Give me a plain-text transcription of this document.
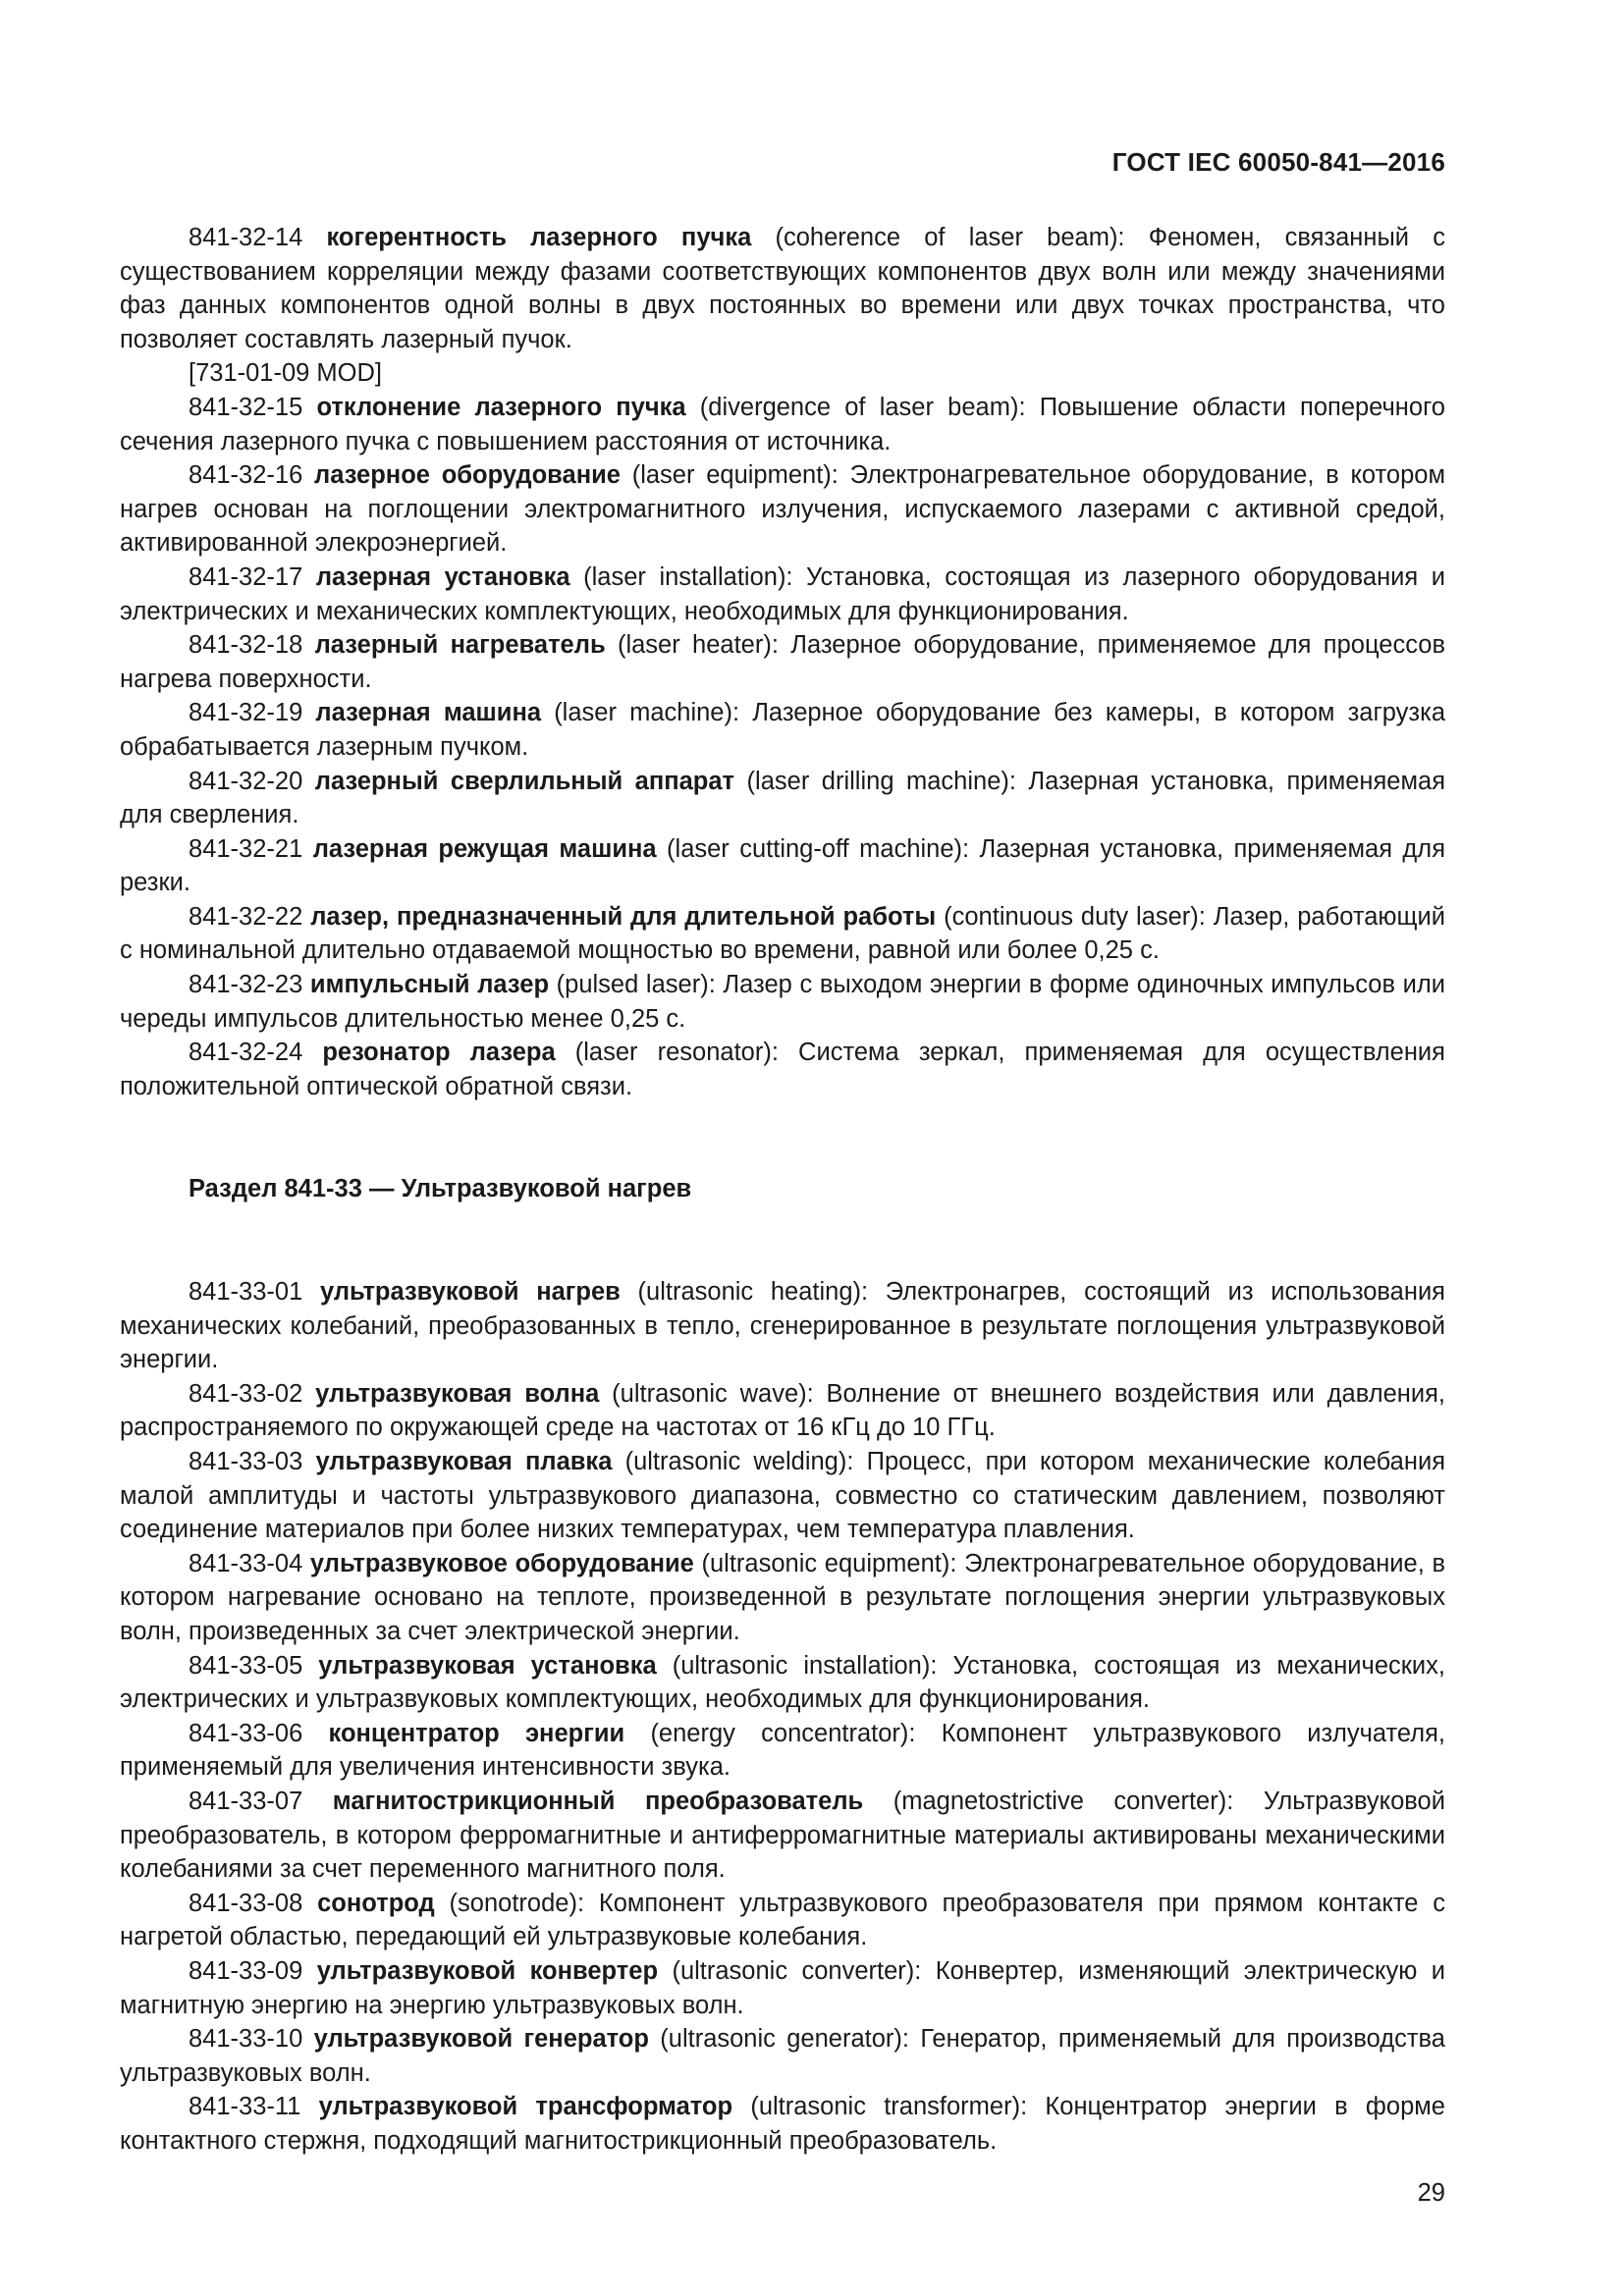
ГОСТ IEC 60050-841—2016

841-32-14 когерентность лазерного пучка (coherence of laser beam): Феномен, связанный с существованием корреляции между фазами соответствующих компонентов двух волн или между значениями фаз данных компонентов одной волны в двух постоянных во времени или двух точках пространства, что позволяет составлять лазерный пучок.

[731-01-09 MOD]

841-32-15 отклонение лазерного пучка (divergence of laser beam): Повышение области поперечного сечения лазерного пучка с повышением расстояния от источника.

841-32-16 лазерное оборудование (laser equipment): Электронагревательное оборудование, в котором нагрев основан на поглощении электромагнитного излучения, испускаемого лазерами с активной средой, активированной элекроэнергией.

841-32-17 лазерная установка (laser installation): Установка, состоящая из лазерного оборудования и электрических и механических комплектующих, необходимых для функционирования.

841-32-18 лазерный нагреватель (laser heater): Лазерное оборудование, применяемое для процессов нагрева поверхности.

841-32-19 лазерная машина (laser machine): Лазерное оборудование без камеры, в котором загрузка обрабатывается лазерным пучком.

841-32-20 лазерный сверлильный аппарат (laser drilling machine): Лазерная установка, применяемая для сверления.

841-32-21 лазерная режущая машина (laser cutting-off machine): Лазерная установка, применяемая для резки.

841-32-22 лазер, предназначенный для длительной работы (continuous duty laser): Лазер, работающий с номинальной длительно отдаваемой мощностью во времени, равной или более 0,25 с.

841-32-23 импульсный лазер (pulsed laser): Лазер с выходом энергии в форме одиночных импульсов или череды импульсов длительностью менее 0,25 с.

841-32-24 резонатор лазера (laser resonator): Система зеркал, применяемая для осуществления положительной оптической обратной связи.

Раздел 841-33 — Ультразвуковой нагрев

841-33-01 ультразвуковой нагрев (ultrasonic heating): Электронагрев, состоящий из использования механических колебаний, преобразованных в тепло, сгенерированное в результате поглощения ультразвуковой энергии.

841-33-02 ультразвуковая волна (ultrasonic wave): Волнение от внешнего воздействия или давления, распространяемого по окружающей среде на частотах от 16 кГц до 10 ГГц.

841-33-03 ультразвуковая плавка (ultrasonic welding): Процесс, при котором механические колебания малой амплитуды и частоты ультразвукового диапазона, совместно со статическим давлением, позволяют соединение материалов при более низких температурах, чем температура плавления.

841-33-04 ультразвуковое оборудование (ultrasonic equipment): Электронагревательное оборудование, в котором нагревание основано на теплоте, произведенной в результате поглощения энергии ультразвуковых волн, произведенных за счет электрической энергии.

841-33-05 ультразвуковая установка (ultrasonic installation): Установка, состоящая из механических, электрических и ультразвуковых комплектующих, необходимых для функционирования.

841-33-06 концентратор энергии (energy concentrator): Компонент ультразвукового излучателя, применяемый для увеличения интенсивности звука.

841-33-07 магнитострикционный преобразователь (magnetostrictive converter): Ультразвуковой преобразователь, в котором ферромагнитные и антиферромагнитные материалы активированы механическими колебаниями за счет переменного магнитного поля.

841-33-08 сонотрод (sonotrode): Компонент ультразвукового преобразователя при прямом контакте с нагретой областью, передающий ей ультразвуковые колебания.

841-33-09 ультразвуковой конвертер (ultrasonic converter): Конвертер, изменяющий электрическую и магнитную энергию на энергию ультразвуковых волн.

841-33-10 ультразвуковой генератор (ultrasonic generator): Генератор, применяемый для производства ультразвуковых волн.

841-33-11 ультразвуковой трансформатор (ultrasonic transformer): Концентратор энергии в форме контактного стержня, подходящий магнитострикционный преобразователь.

29
